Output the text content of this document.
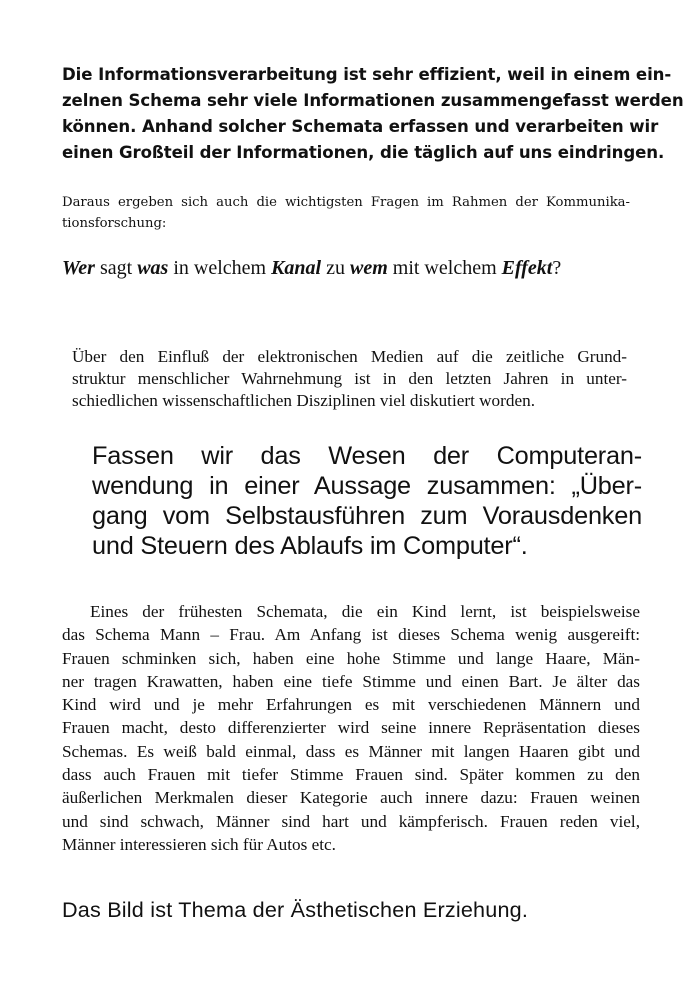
Die Informationsverarbeitung ist sehr effizient, weil in einem ein-
zelnen Schema sehr viele Informationen zusammengefasst werden
können. Anhand solcher Schemata erfassen und verarbeiten wir
einen Großteil der Informationen, die täglich auf uns eindringen.
Daraus ergeben sich auch die wichtigsten Fragen im Rahmen der Kommunika-
tionsforschung:
Wer sagt was in welchem Kanal zu wem mit welchem Effekt?
Über den Einfluß der elektronischen Medien auf die zeitliche Grund-
struktur menschlicher Wahrnehmung ist in den letzten Jahren in unter-
schiedlichen wissenschaftlichen Disziplinen viel diskutiert worden.
Fassen wir das Wesen der Computeran-
wendung in einer Aussage zusammen: „Über-
gang vom Selbstausführen zum Vorausdenken
und Steuern des Ablaufs im Computer“.
Eines der frühesten Schemata, die ein Kind lernt, ist beispielsweise
das Schema Mann – Frau. Am Anfang ist dieses Schema wenig ausgereift:
Frauen schminken sich, haben eine hohe Stimme und lange Haare, Män-
ner tragen Krawatten, haben eine tiefe Stimme und einen Bart. Je älter das
Kind wird und je mehr Erfahrungen es mit verschiedenen Männern und
Frauen macht, desto differenzierter wird seine innere Repräsentation dieses
Schemas. Es weiß bald einmal, dass es Männer mit langen Haaren gibt und
dass auch Frauen mit tiefer Stimme Frauen sind. Später kommen zu den
äußerlichen Merkmalen dieser Kategorie auch innere dazu: Frauen weinen
und sind schwach, Männer sind hart und kämpferisch. Frauen reden viel,
Männer interessieren sich für Autos etc.
Das Bild ist Thema der Ästhetischen Erziehung.
